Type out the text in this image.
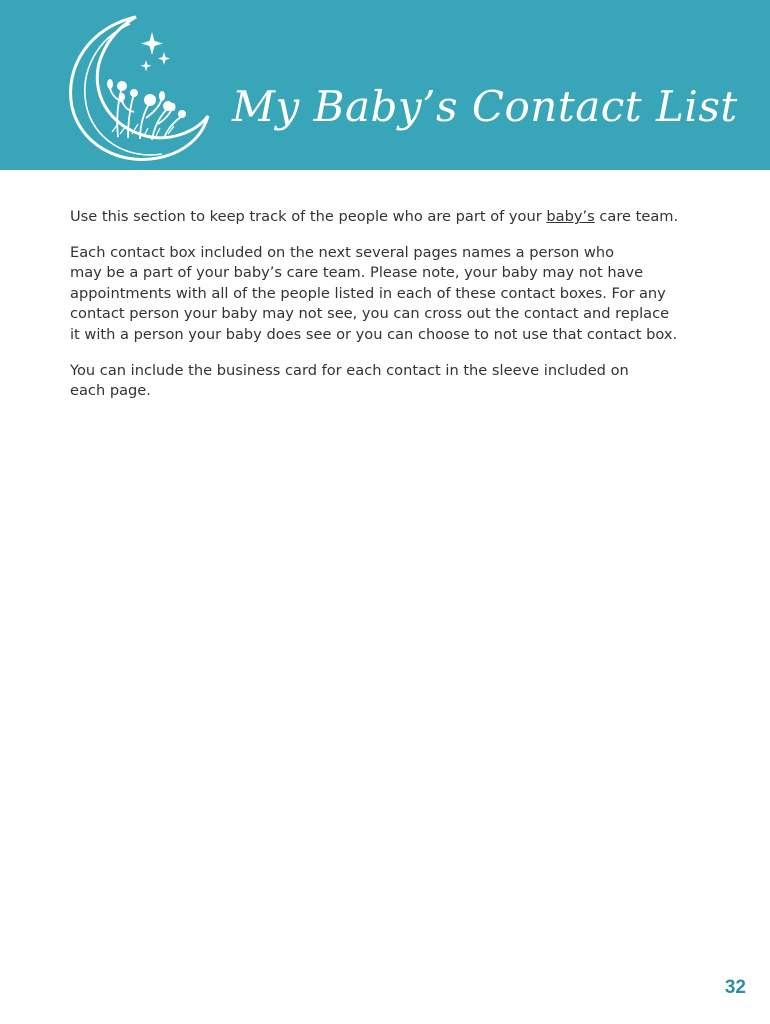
My Baby’s Contact List

Use this section to keep track of the people who are part of your baby’s care team.

Each contact box included on the next several pages names a person who
may be a part of your baby’s care team. Please note, your baby may not have
appointments with all of the people listed in each of these contact boxes. For any
contact person your baby may not see, you can cross out the contact and replace
it with a person your baby does see or you can choose to not use that contact box.

You can include the business card for each contact in the sleeve included on
each page.

32
